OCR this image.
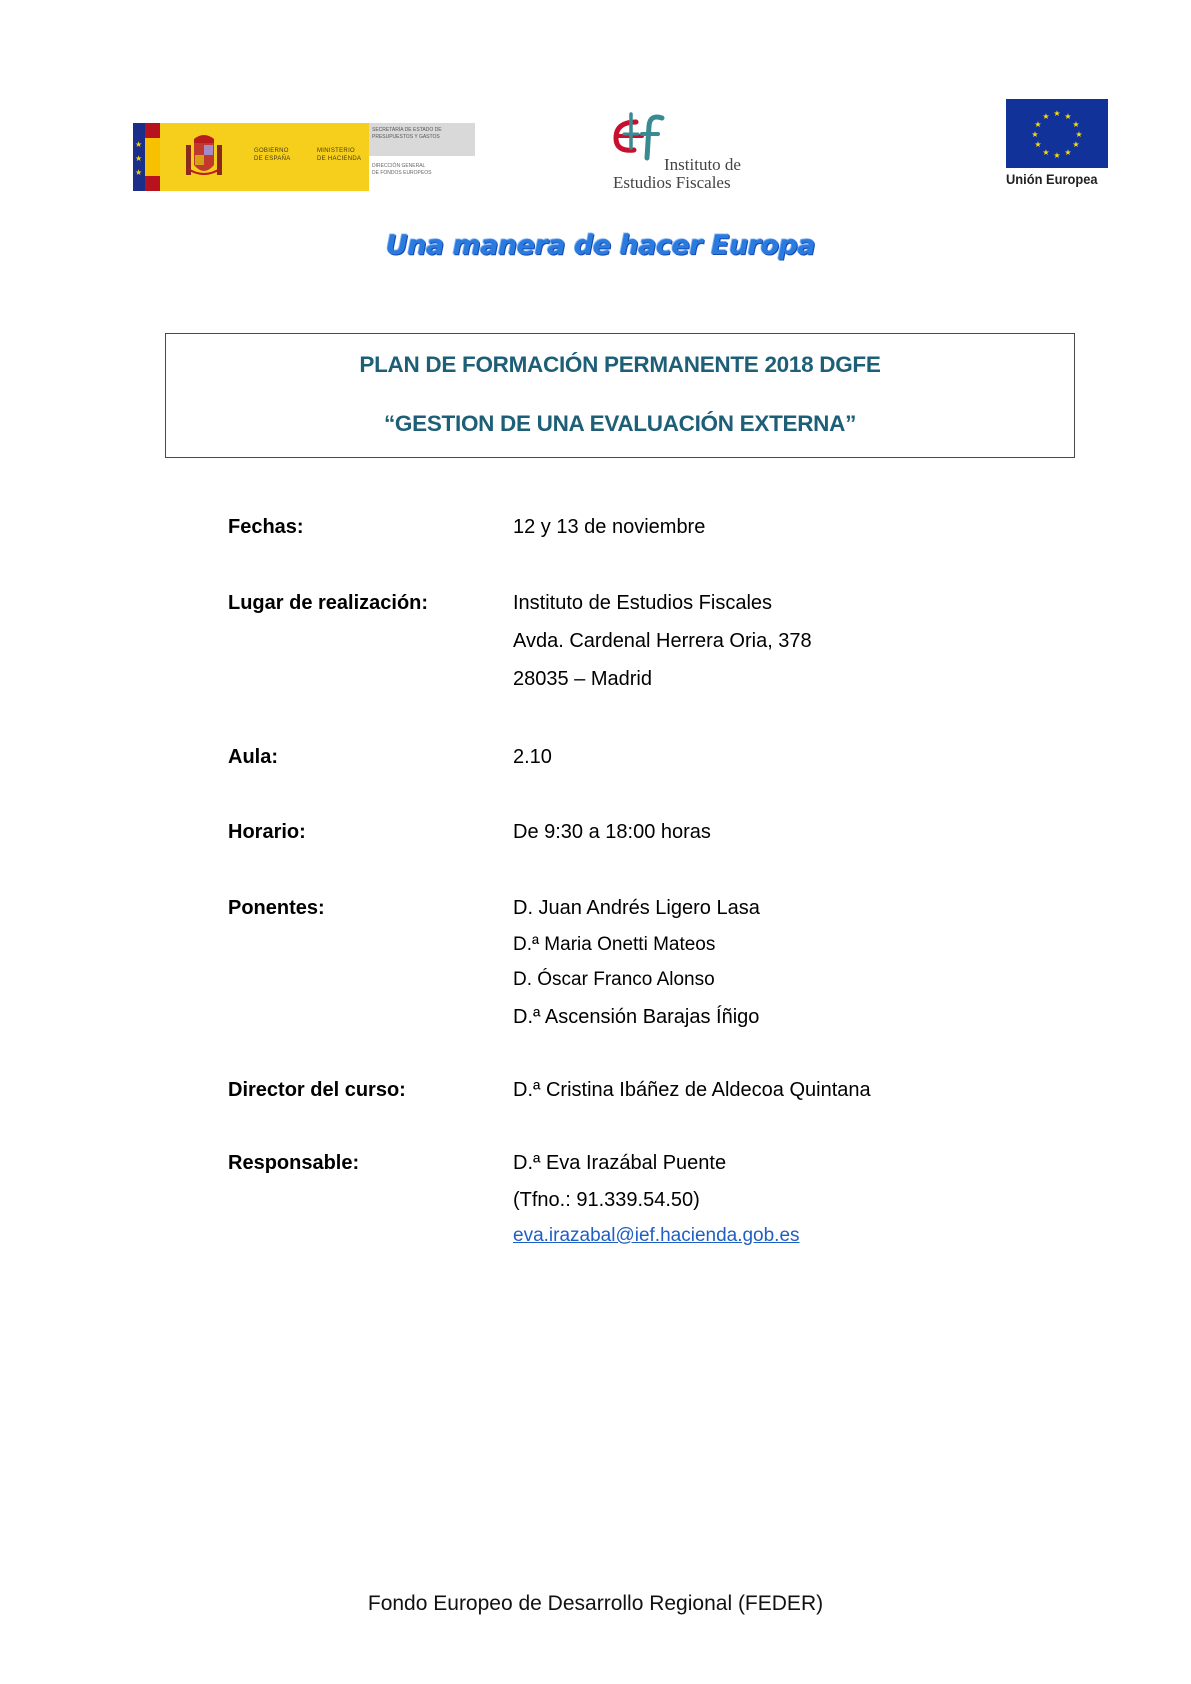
★
★
★
GOBIERNO
DE ESPAÑA
MINISTERIO
DE HACIENDA
SECRETARÍA DE ESTADO DE
PRESUPUESTOS Y GASTOS
DIRECCIÓN GENERAL
DE FONDOS EUROPEOS	Instituto de
Estudios Fiscales
★ ★
★
★
★
★
★
★
★
★
★
★
Unión Europea
Una manera de hacer Europa
PLAN DE FORMACIÓN PERMANENTE 2018 DGFE
“GESTION DE UNA EVALUACIÓN EXTERNA”
Fechas:	12 y 13 de noviembre
Lugar de realización:	Instituto de Estudios Fiscales
Avda. Cardenal Herrera Oria, 378
28035 – Madrid
Aula:	2.10
Horario:	De 9:30 a 18:00 horas
Ponentes:	D. Juan Andrés Ligero Lasa
D.ª Maria Onetti Mateos
D. Óscar Franco Alonso
D.ª Ascensión Barajas Íñigo
Director del curso:	D.ª Cristina Ibáñez de Aldecoa Quintana
Responsable:	D.ª Eva Irazábal Puente
(Tfno.: 91.339.54.50)
eva.irazabal@ief.hacienda.gob.es
Fondo Europeo de Desarrollo Regional (FEDER)
